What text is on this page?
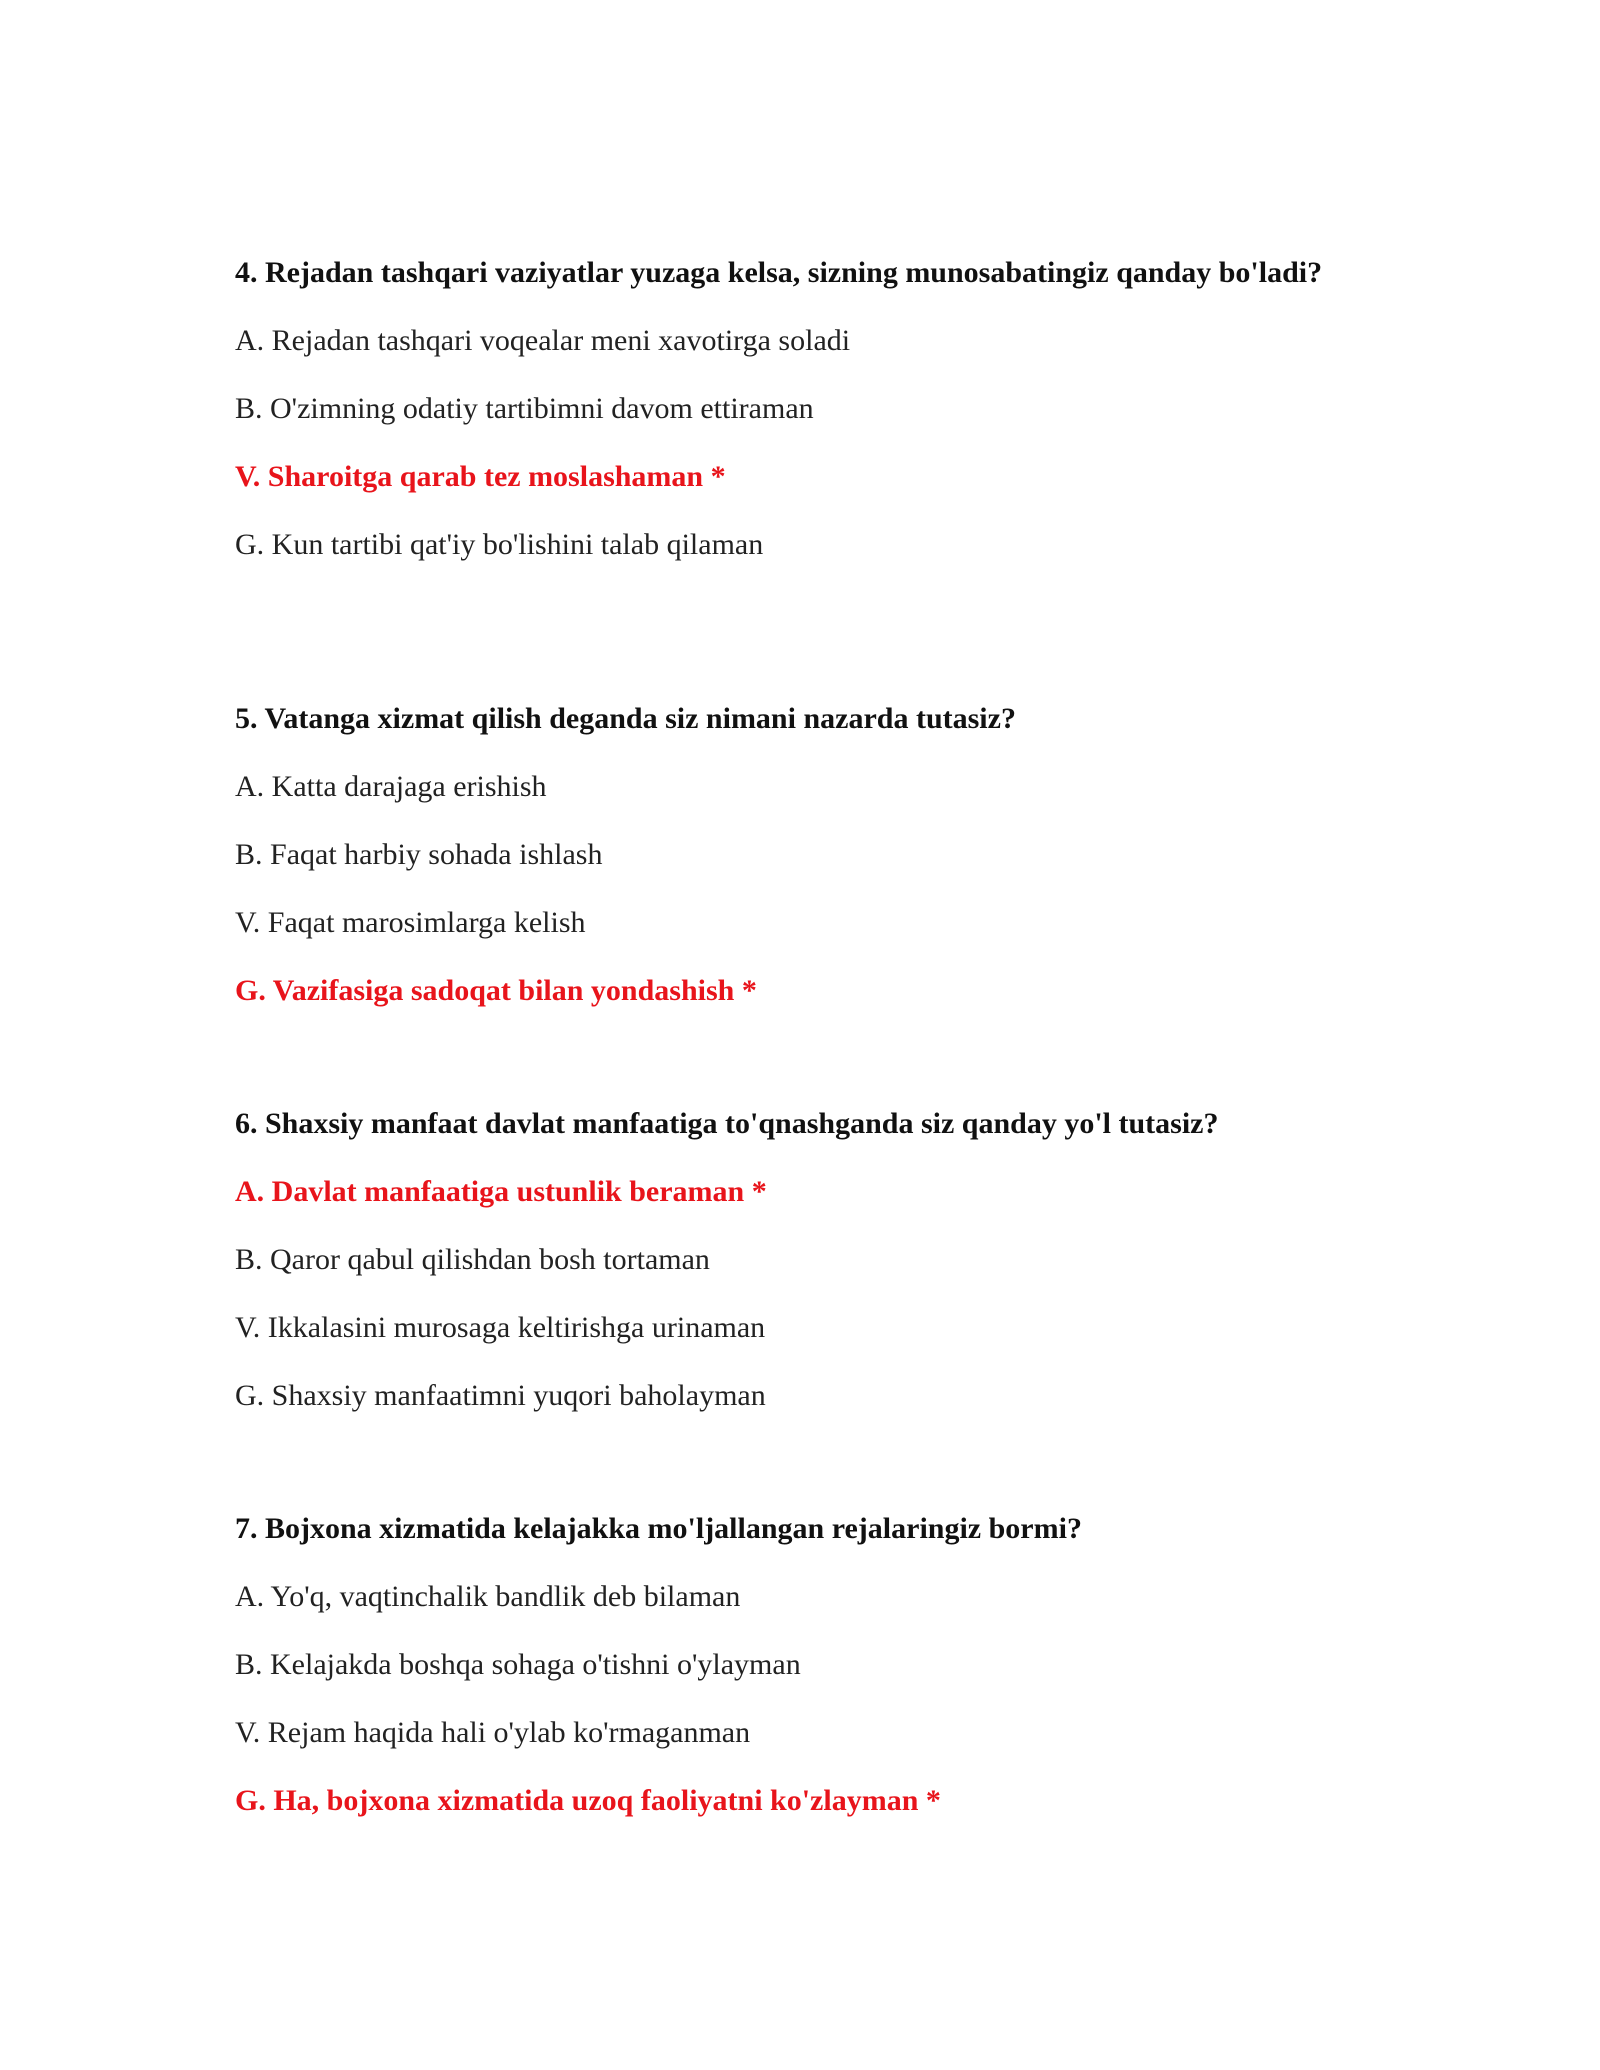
4. Rejadan tashqari vaziyatlar yuzaga kelsa, sizning munosabatingiz qanday bo'ladi?

A. Rejadan tashqari voqealar meni xavotirga soladi

B. O'zimning odatiy tartibimni davom ettiraman

V. Sharoitga qarab tez moslashaman *

G. Kun tartibi qat'iy bo'lishini talab qilaman

5. Vatanga xizmat qilish deganda siz nimani nazarda tutasiz?

A. Katta darajaga erishish

B. Faqat harbiy sohada ishlash

V. Faqat marosimlarga kelish

G. Vazifasiga sadoqat bilan yondashish *

6. Shaxsiy manfaat davlat manfaatiga to'qnashganda siz qanday yo'l tutasiz?

A. Davlat manfaatiga ustunlik beraman *

B. Qaror qabul qilishdan bosh tortaman

V. Ikkalasini murosaga keltirishga urinaman

G. Shaxsiy manfaatimni yuqori baholayman

7. Bojxona xizmatida kelajakka mo'ljallangan rejalaringiz bormi?

A. Yo'q, vaqtinchalik bandlik deb bilaman

B. Kelajakda boshqa sohaga o'tishni o'ylayman

V. Rejam haqida hali o'ylab ko'rmaganman

G. Ha, bojxona xizmatida uzoq faoliyatni ko'zlayman *
